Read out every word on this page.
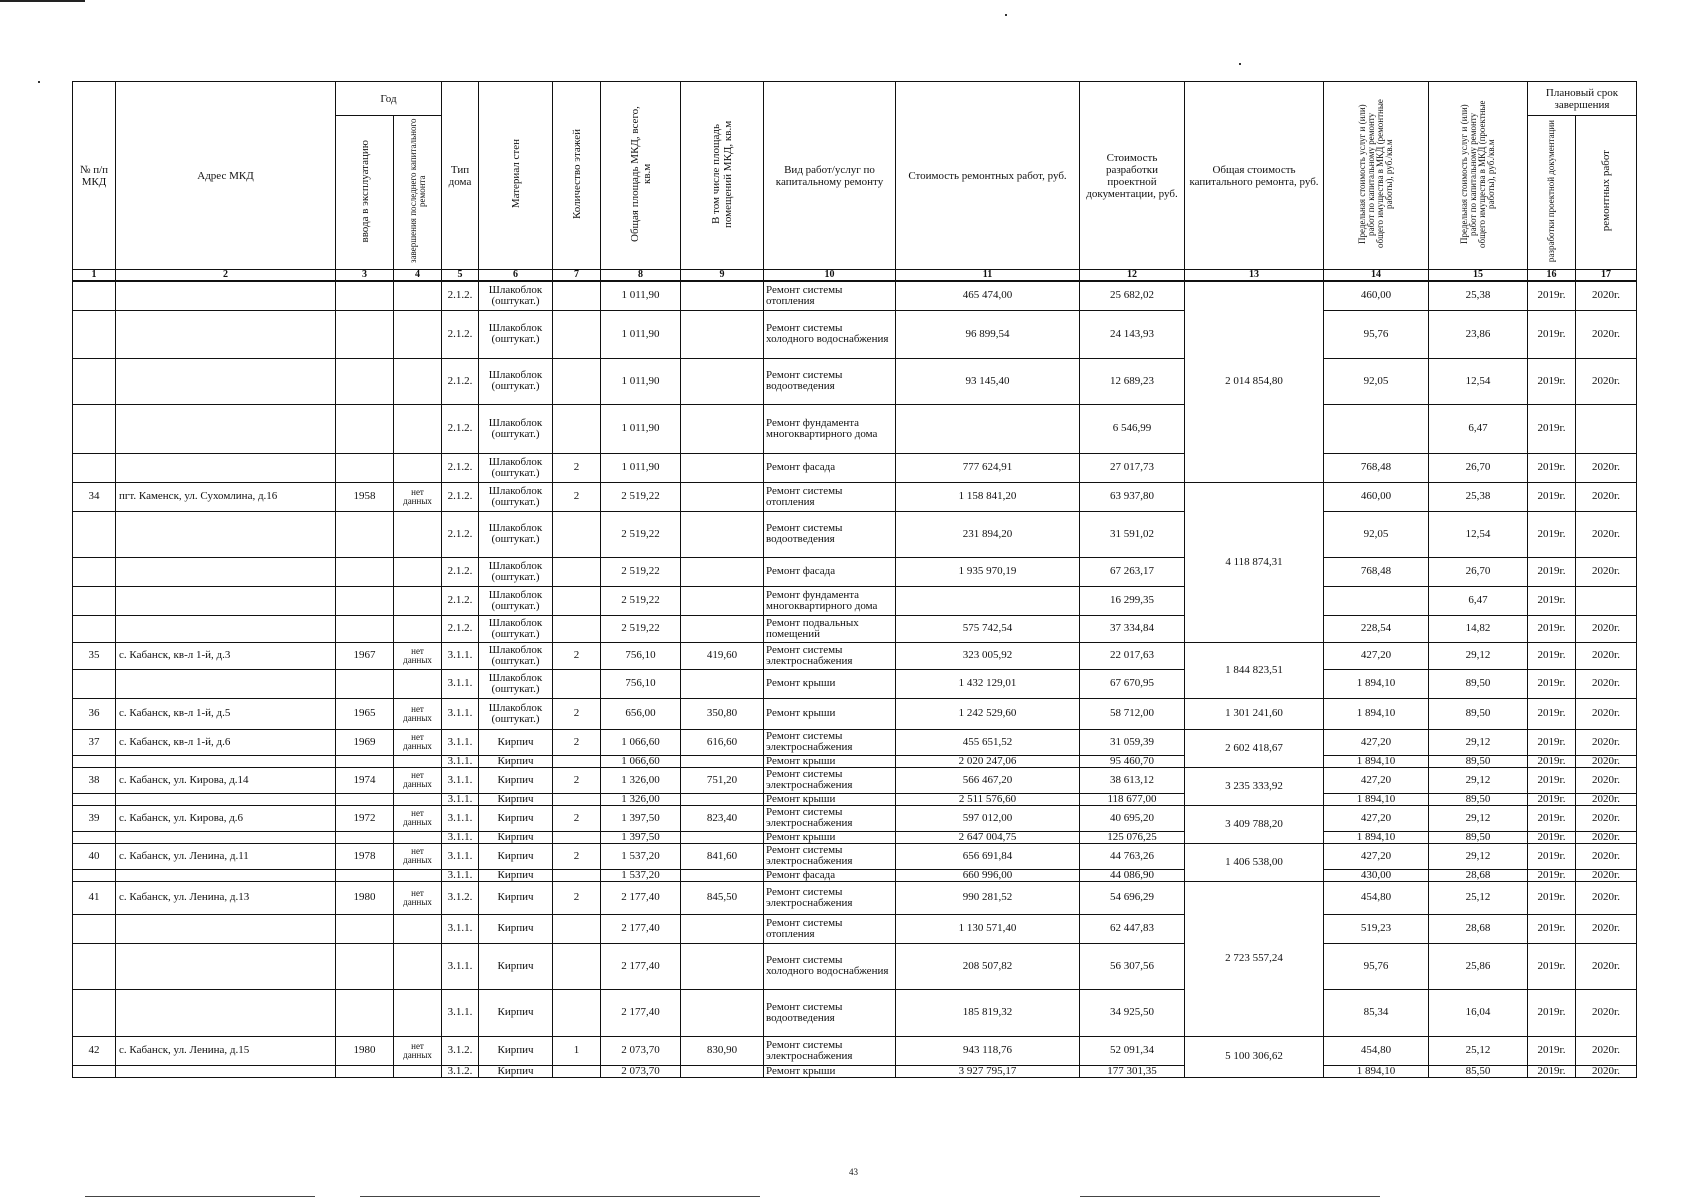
№ п/п МКД	Адрес МКД	Год		Тип дома	Материал стен	Количество этажей	Общая площадь МКД, всего, кв.м	В том числе площадь помещений МКД, кв.м	Вид работ/услуг по капитальному ремонту	Стоимость ремонтных работ, руб.	Стоимость разработки проектной документации, руб.	Общая стоимость капитального ремонта, руб.	Предельная стоимость услуг и (или) работ по капитальному ремонту общего имущества в МКД (ремонтные работы), руб./кв.м	Предельная стоимость услуг и (или) работ по капитальному ремонту общего имущества в МКД (проектные работы), руб./кв.м	Плановый срок завершения	
		ввода в эксплуатацию	завершения последнего капитального ремонта												разработки проектной документации	ремонтных работ
1	2	3	4	5	6	7	8	9	10	11	12	13	14	15	16	17
				2.1.2.	Шлакоблок (оштукат.)		1 011,90		Ремонт системы отопления	465 474,00	25 682,02	2 014 854,80	460,00	25,38	2019г.	2020г.
				2.1.2.	Шлакоблок (оштукат.)		1 011,90		Ремонт системы холодного водоснабжения	96 899,54	24 143,93		95,76	23,86	2019г.	2020г.
				2.1.2.	Шлакоблок (оштукат.)		1 011,90		Ремонт системы водоотведения	93 145,40	12 689,23		92,05	12,54	2019г.	2020г.
				2.1.2.	Шлакоблок (оштукат.)		1 011,90		Ремонт фундамента многоквартирного дома		6 546,99			6,47	2019г.	
				2.1.2.	Шлакоблок (оштукат.)	2	1 011,90		Ремонт фасада	777 624,91	27 017,73		768,48	26,70	2019г.	2020г.
34	пгт. Каменск, ул. Сухомлина, д.16	1958	нет данных	2.1.2.	Шлакоблок (оштукат.)	2	2 519,22		Ремонт системы отопления	1 158 841,20	63 937,80	4 118 874,31	460,00	25,38	2019г.	2020г.
				2.1.2.	Шлакоблок (оштукат.)		2 519,22		Ремонт системы водоотведения	231 894,20	31 591,02		92,05	12,54	2019г.	2020г.
				2.1.2.	Шлакоблок (оштукат.)		2 519,22		Ремонт фасада	1 935 970,19	67 263,17		768,48	26,70	2019г.	2020г.
				2.1.2.	Шлакоблок (оштукат.)		2 519,22		Ремонт фундамента многоквартирного дома		16 299,35			6,47	2019г.	
				2.1.2.	Шлакоблок (оштукат.)		2 519,22		Ремонт подвальных помещений	575 742,54	37 334,84		228,54	14,82	2019г.	2020г.
35	с. Кабанск, кв-л 1-й, д.3	1967	нет данных	3.1.1.	Шлакоблок (оштукат.)	2	756,10	419,60	Ремонт системы электроснабжения	323 005,92	22 017,63	1 844 823,51	427,20	29,12	2019г.	2020г.
				3.1.1.	Шлакоблок (оштукат.)		756,10		Ремонт крыши	1 432 129,01	67 670,95		1 894,10	89,50	2019г.	2020г.
36	с. Кабанск, кв-л 1-й, д.5	1965	нет данных	3.1.1.	Шлакоблок (оштукат.)	2	656,00	350,80	Ремонт крыши	1 242 529,60	58 712,00	1 301 241,60	1 894,10	89,50	2019г.	2020г.
37	с. Кабанск, кв-л 1-й, д.6	1969	нет данных	3.1.1.	Кирпич	2	1 066,60	616,60	Ремонт системы электроснабжения	455 651,52	31 059,39	2 602 418,67	427,20	29,12	2019г.	2020г.
				3.1.1.	Кирпич		1 066,60		Ремонт крыши	2 020 247,06	95 460,70		1 894,10	89,50	2019г.	2020г.
38	с. Кабанск, ул. Кирова, д.14	1974	нет данных	3.1.1.	Кирпич	2	1 326,00	751,20	Ремонт системы электроснабжения	566 467,20	38 613,12	3 235 333,92	427,20	29,12	2019г.	2020г.
				3.1.1.	Кирпич		1 326,00		Ремонт крыши	2 511 576,60	118 677,00		1 894,10	89,50	2019г.	2020г.
39	с. Кабанск, ул. Кирова, д.6	1972	нет данных	3.1.1.	Кирпич	2	1 397,50	823,40	Ремонт системы электроснабжения	597 012,00	40 695,20	3 409 788,20	427,20	29,12	2019г.	2020г.
				3.1.1.	Кирпич		1 397,50		Ремонт крыши	2 647 004,75	125 076,25		1 894,10	89,50	2019г.	2020г.
40	с. Кабанск, ул. Ленина, д.11	1978	нет данных	3.1.1.	Кирпич	2	1 537,20	841,60	Ремонт системы электроснабжения	656 691,84	44 763,26	1 406 538,00	427,20	29,12	2019г.	2020г.
				3.1.1.	Кирпич		1 537,20		Ремонт фасада	660 996,00	44 086,90		430,00	28,68	2019г.	2020г.
41	с. Кабанск, ул. Ленина, д.13	1980	нет данных	3.1.2.	Кирпич	2	2 177,40	845,50	Ремонт системы электроснабжения	990 281,52	54 696,29	2 723 557,24	454,80	25,12	2019г.	2020г.
				3.1.1.	Кирпич		2 177,40		Ремонт системы отопления	1 130 571,40	62 447,83		519,23	28,68	2019г.	2020г.
				3.1.1.	Кирпич		2 177,40		Ремонт системы холодного водоснабжения	208 507,82	56 307,56		95,76	25,86	2019г.	2020г.
				3.1.1.	Кирпич		2 177,40		Ремонт системы водоотведения	185 819,32	34 925,50		85,34	16,04	2019г.	2020г.
42	с. Кабанск, ул. Ленина, д.15	1980	нет данных	3.1.2.	Кирпич	1	2 073,70	830,90	Ремонт системы электроснабжения	943 118,76	52 091,34	5 100 306,62	454,80	25,12	2019г.	2020г.
				3.1.2.	Кирпич		2 073,70		Ремонт крыши	3 927 795,17	177 301,35		1 894,10	85,50	2019г.	2020г.
43
